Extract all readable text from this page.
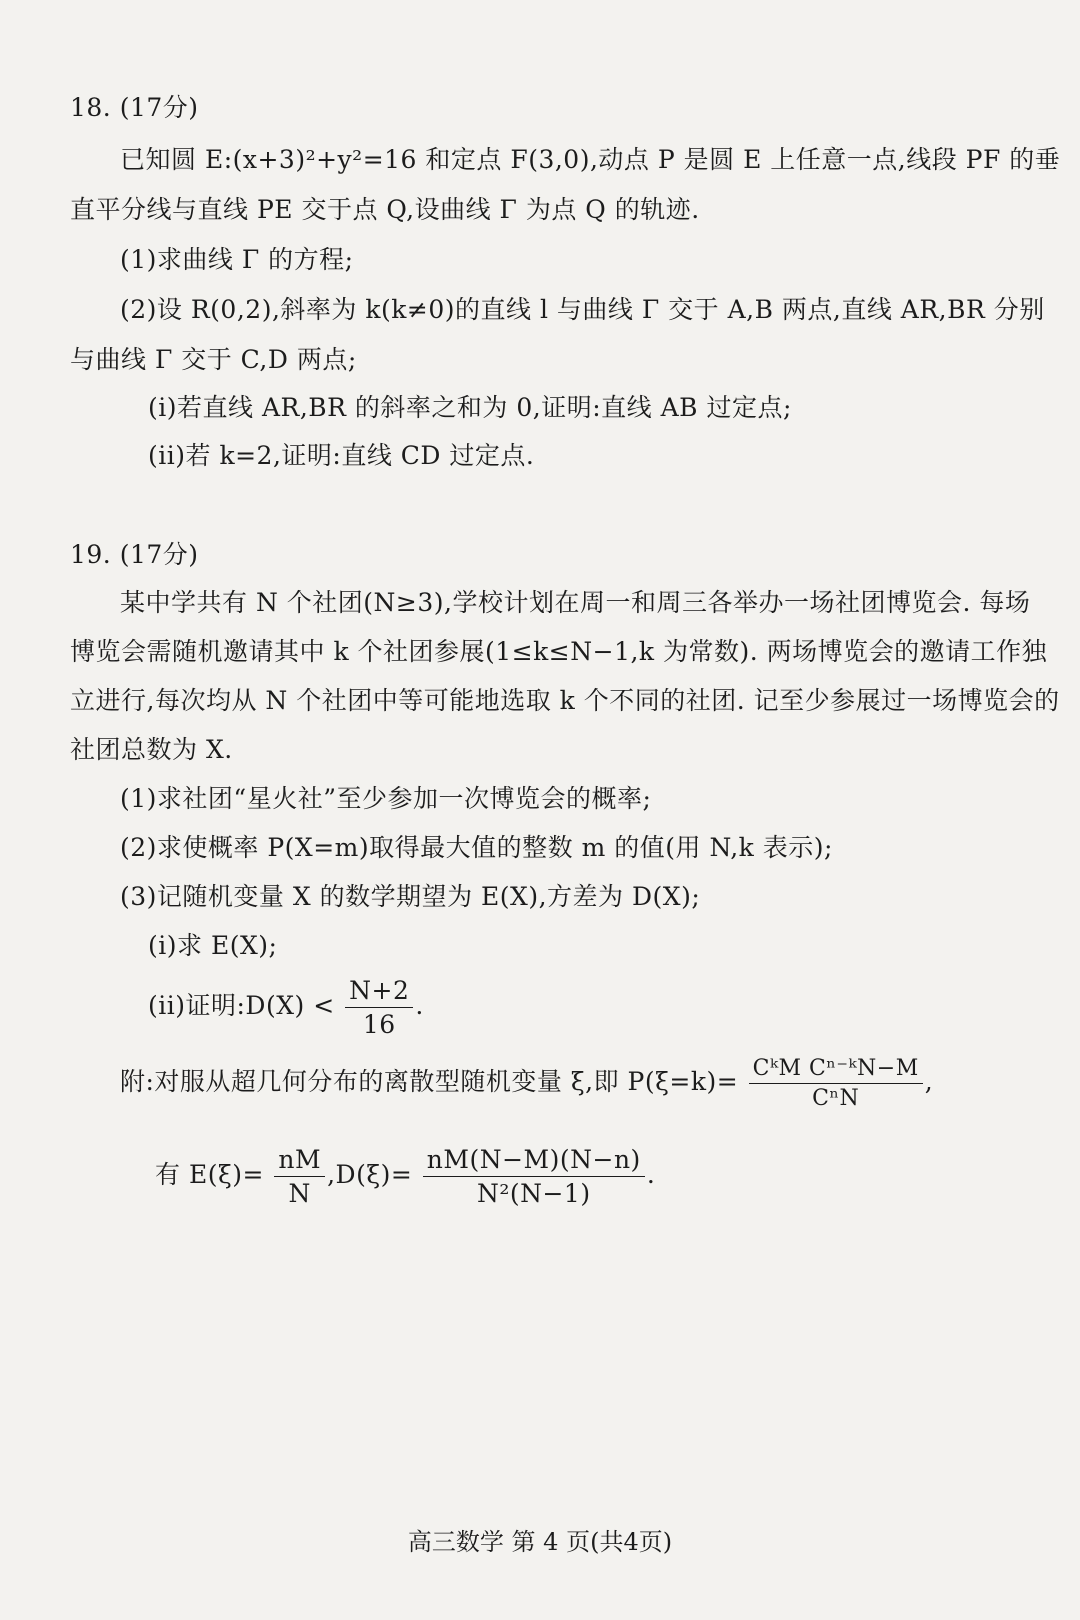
18. (17分)
已知圆 E:(x+3)²+y²=16 和定点 F(3,0),动点 P 是圆 E 上任意一点,线段 PF 的垂
直平分线与直线 PE 交于点 Q,设曲线 Γ 为点 Q 的轨迹.
(1)求曲线 Γ 的方程;
(2)设 R(0,2),斜率为 k(k≠0)的直线 l 与曲线 Γ 交于 A,B 两点,直线 AR,BR 分别
与曲线 Γ 交于 C,D 两点;
(i)若直线 AR,BR 的斜率之和为 0,证明:直线 AB 过定点;
(ii)若 k=2,证明:直线 CD 过定点.
19. (17分)
某中学共有 N 个社团(N≥3),学校计划在周一和周三各举办一场社团博览会. 每场
博览会需随机邀请其中 k 个社团参展(1≤k≤N−1,k 为常数). 两场博览会的邀请工作独
立进行,每次均从 N 个社团中等可能地选取 k 个不同的社团. 记至少参展过一场博览会的
社团总数为 X.
(1)求社团“星火社”至少参加一次博览会的概率;
(2)求使概率 P(X=m)取得最大值的整数 m 的值(用 N,k 表示);
(3)记随机变量 X 的数学期望为 E(X),方差为 D(X);
(i)求 E(X);
(ii)证明:D(X) < $\frac{N+2}{16}$ .
附:对服从超几何分布的离散型随机变量 ξ,即 $P(\xi=k)= \frac{\text{CᵏM Cⁿ⁻ᵏN−M}}{\text{CⁿN}}$ ,
有 $E(\xi)= \frac{nM}{N} ,D(\xi)= \frac{nM(N-M)(N-n)}{\text{N²(N−1)}}$ .
高三数学 第 4 页(共4页)
